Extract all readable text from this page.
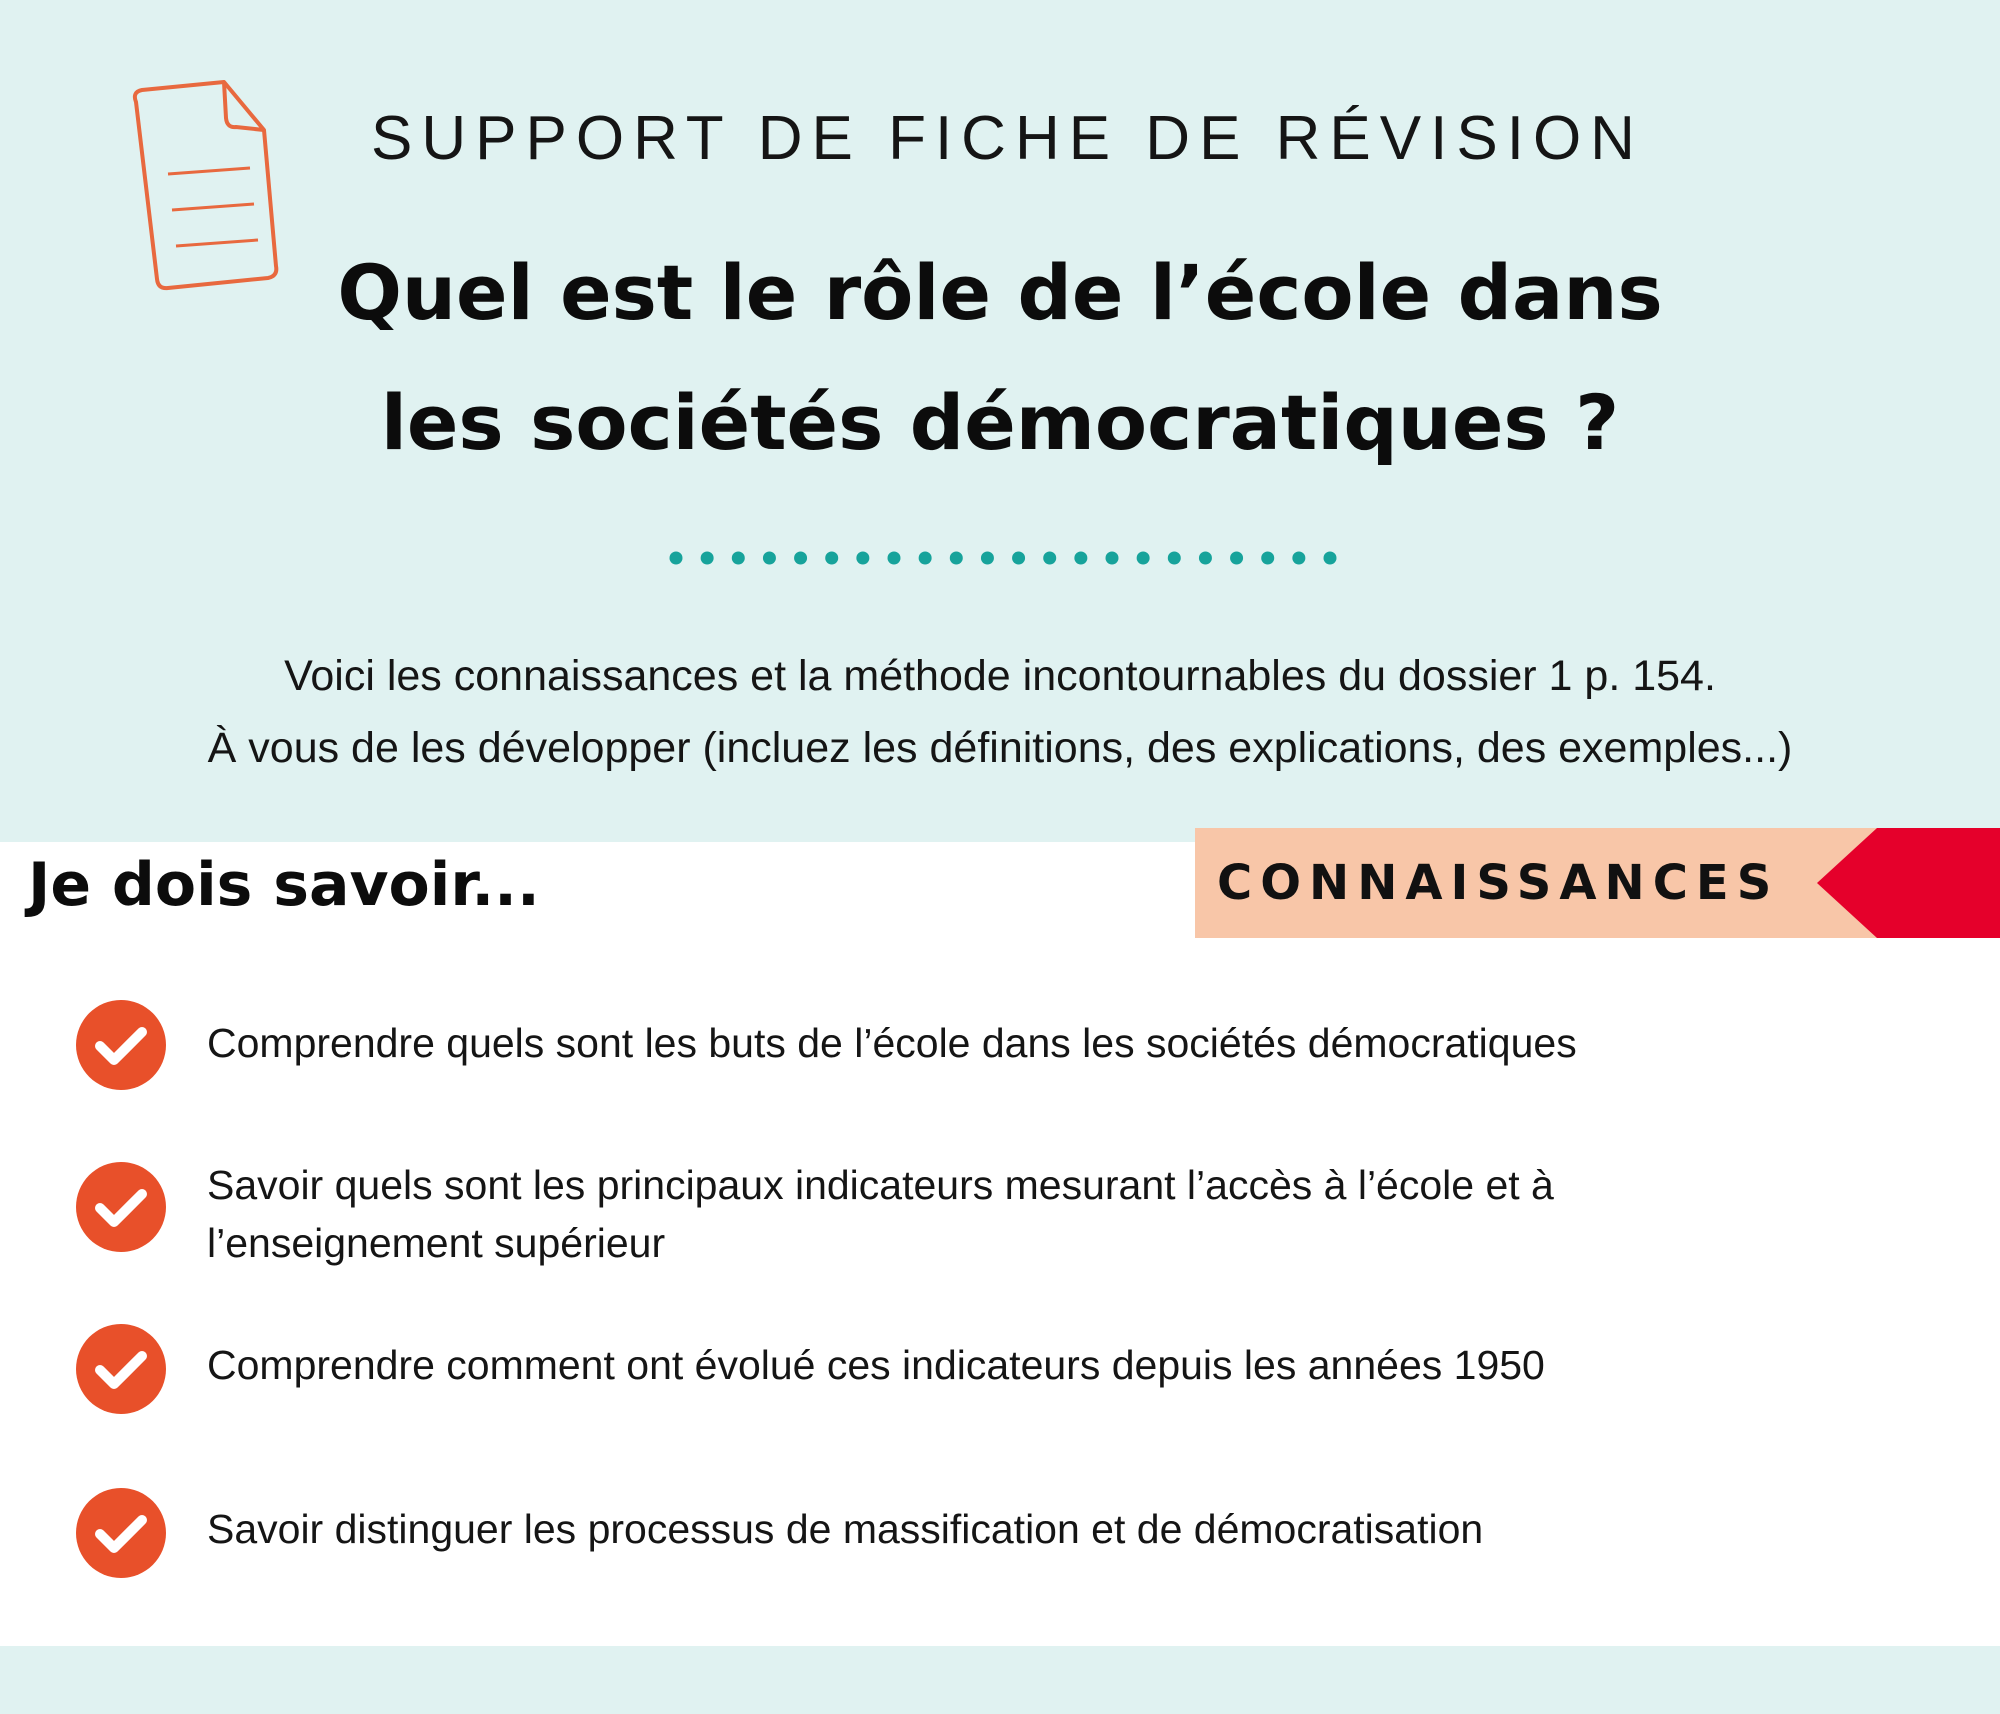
SUPPORT DE FICHE DE RÉVISION
Quel est le rôle de l’école dans
les sociétés démocratiques ?
Voici les connaissances et la méthode incontournables du dossier 1 p. 154.
À vous de les développer (incluez les définitions, des explications, des exemples...)
Je dois savoir...	CONNAISSANCES
Comprendre quels sont les buts de l’école dans les sociétés démocratiques
Savoir quels sont les principaux indicateurs mesurant l’accès à l’école et à l’enseignement supérieur
Comprendre comment ont évolué ces indicateurs depuis les années 1950
Savoir distinguer les processus de massification et de démocratisation
